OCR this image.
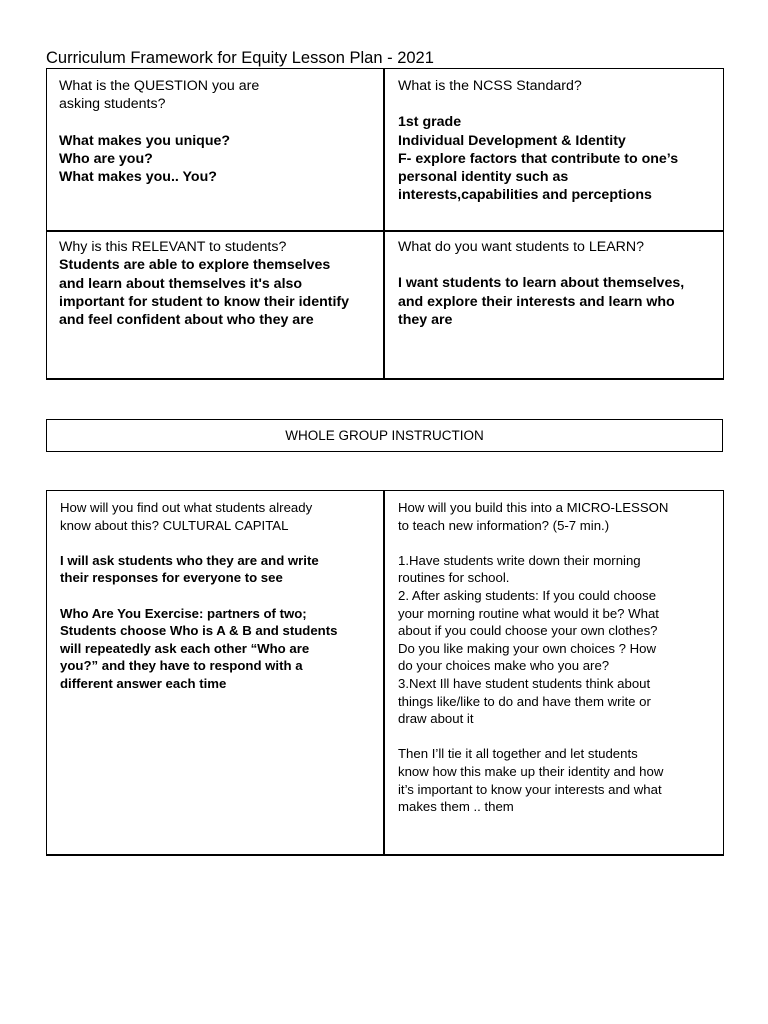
Curriculum Framework for Equity Lesson Plan - 2021

What is the QUESTION you are

asking students?

What makes you unique?

Who are you?

What makes you.. You?

What is the NCSS Standard?

1st grade

Individual Development & Identity

F- explore factors that contribute to one’s

personal identity such as

interests,capabilities and perceptions

Why is this RELEVANT to students?

Students are able to explore themselves

and learn about themselves it's also

important for student to know their identify

and feel confident about who they are

What do you want students to LEARN?

I want students to learn about themselves,

and explore their interests and learn who

they are

WHOLE GROUP INSTRUCTION

How will you find out what students already

know about this? CULTURAL CAPITAL

I will ask students who they are and write

their responses for everyone to see

Who Are You Exercise: partners of two;

Students choose Who is A & B and students

will repeatedly ask each other “Who are

you?” and they have to respond with a

different answer each time

How will you build this into a MICRO-LESSON

to teach new information? (5-7 min.)

1.Have students write down their morning

routines for school.

2. After asking students: If you could choose

your morning routine what would it be? What

about if you could choose your own clothes?

Do you like making your own choices ? How

do your choices make who you are?

3.Next Ill have student students think about

things like/like to do and have them write or

draw about it

Then I’ll tie it all together and let students

know how this make up their identity and how

it’s important to know your interests and what

makes them .. them
